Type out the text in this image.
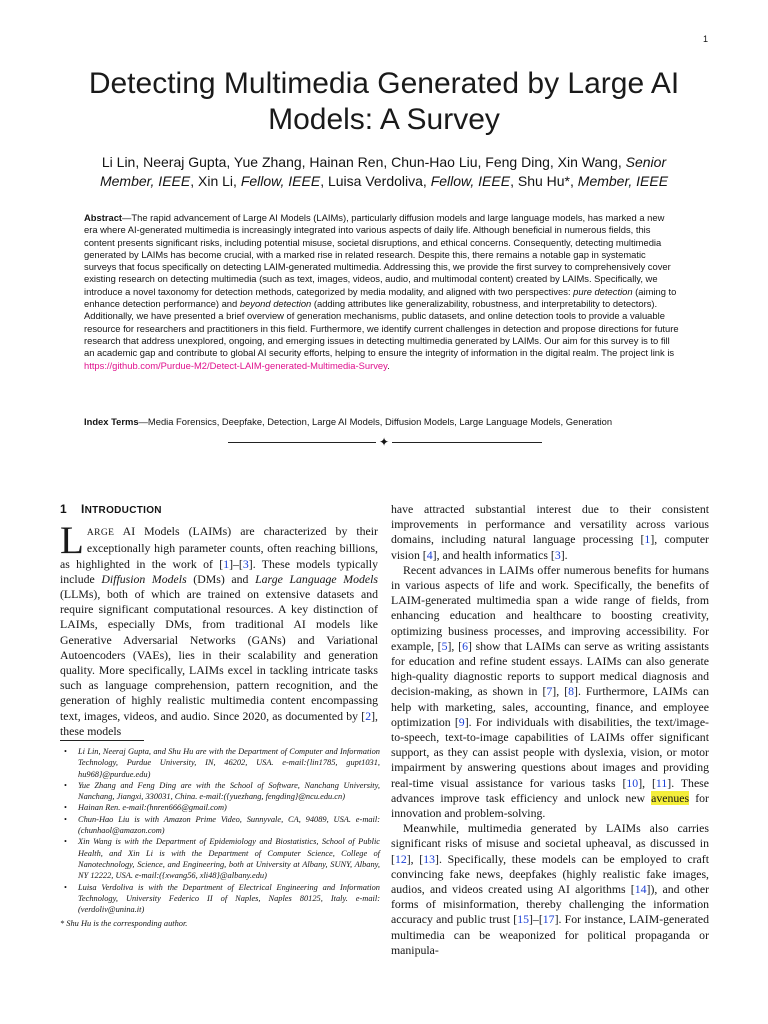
1
Detecting Multimedia Generated by Large AI Models: A Survey
Li Lin, Neeraj Gupta, Yue Zhang, Hainan Ren, Chun-Hao Liu, Feng Ding, Xin Wang, Senior Member, IEEE, Xin Li, Fellow, IEEE, Luisa Verdoliva, Fellow, IEEE, Shu Hu*, Member, IEEE
Abstract—The rapid advancement of Large AI Models (LAIMs), particularly diffusion models and large language models, has marked a new era where AI-generated multimedia is increasingly integrated into various aspects of daily life. Although beneficial in numerous fields, this content presents significant risks, including potential misuse, societal disruptions, and ethical concerns. Consequently, detecting multimedia generated by LAIMs has become crucial, with a marked rise in related research. Despite this, there remains a notable gap in systematic surveys that focus specifically on detecting LAIM-generated multimedia. Addressing this, we provide the first survey to comprehensively cover existing research on detecting multimedia (such as text, images, videos, audio, and multimodal content) created by LAIMs. Specifically, we introduce a novel taxonomy for detection methods, categorized by media modality, and aligned with two perspectives: pure detection (aiming to enhance detection performance) and beyond detection (adding attributes like generalizability, robustness, and interpretability to detectors). Additionally, we have presented a brief overview of generation mechanisms, public datasets, and online detection tools to provide a valuable resource for researchers and practitioners in this field. Furthermore, we identify current challenges in detection and propose directions for future research that address unexplored, ongoing, and emerging issues in detecting multimedia generated by LAIMs. Our aim for this survey is to fill an academic gap and contribute to global AI security efforts, helping to ensure the integrity of information in the digital realm. The project link is
https://github.com/Purdue-M2/Detect-LAIM-generated-Multimedia-Survey.
Index Terms—Media Forensics, Deepfake, Detection, Large AI Models, Diffusion Models, Large Language Models, Generation
✦
1 INTRODUCTION

LARGE AI Models (LAIMs) are characterized by their exceptionally high parameter counts, often reaching billions, as highlighted in the work of [1]–[3]. These models typically include Diffusion Models (DMs) and Large Language Models (LLMs), both of which are trained on extensive datasets and require significant computational resources. A key distinction of LAIMs, especially DMs, from traditional AI models like Generative Adversarial Networks (GANs) and Variational Autoencoders (VAEs), lies in their scalability and generation quality. More specifically, LAIMs excel in tackling intricate tasks such as language comprehension, pattern recognition, and the generation of highly realistic multimedia content encompassing text, images, videos, and audio. Since 2020, as documented by [2], these models

• Li Lin, Neeraj Gupta, and Shu Hu are with the Department of Computer and Information Technology, Purdue University, IN, 46202, USA. e-mail:{lin1785, gupt1031, hu968}@purdue.edu)
• Yue Zhang and Feng Ding are with the School of Software, Nanchang University, Nanchang, Jiangxi, 330031, China. e-mail:({yuezhang, fengding}@ncu.edu.cn)
• Hainan Ren. e-mail:(hnren666@gmail.com)
• Chun-Hao Liu is with Amazon Prime Video, Sunnyvale, CA, 94089, USA. e-mail:(chunhaol@amazon.com)
• Xin Wang is with the Department of Epidemiology and Biostatistics, School of Public Health, and Xin Li is with the Department of Computer Science, College of Nanotechnology, Science, and Engineering, both at University at Albany, SUNY, Albany, NY 12222, USA. e-mail:({xwang56, xli48}@albany.edu)
• Luisa Verdoliva is with the Department of Electrical Engineering and Information Technology, University Federico II of Naples, Naples 80125, Italy. e-mail:(verdoliv@unina.it)
* Shu Hu is the corresponding author.

have attracted substantial interest due to their consistent improvements in performance and versatility across various domains, including natural language processing [1], computer vision [4], and health informatics [3].

Recent advances in LAIMs offer numerous benefits for humans in various aspects of life and work. Specifically, the benefits of LAIM-generated multimedia span a wide range of fields, from enhancing education and healthcare to boosting creativity, optimizing business processes, and improving accessibility. For example, [5], [6] show that LAIMs can serve as writing assistants for education and refine student essays. LAIMs can also generate high-quality diagnostic reports to support medical diagnosis and decision-making, as shown in [7], [8]. Furthermore, LAIMs can help with marketing, sales, accounting, finance, and employee optimization [9]. For individuals with disabilities, the text/image-to-speech, text-to-image capabilities of LAIMs offer significant support, as they can assist people with dyslexia, vision, or motor impairment by answering questions about images and providing real-time visual assistance for various tasks [10], [11]. These advances improve task efficiency and unlock new avenues for innovation and problem-solving.

Meanwhile, multimedia generated by LAIMs also carries significant risks of misuse and societal upheaval, as discussed in [12], [13]. Specifically, these models can be employed to craft convincing fake news, deepfakes (highly realistic fake images, audios, and videos created using AI algorithms [14]), and other forms of misinformation, thereby challenging the information accuracy and public trust [15]–[17]. For instance, LAIM-generated multimedia can be weaponized for political propaganda or manipula-
